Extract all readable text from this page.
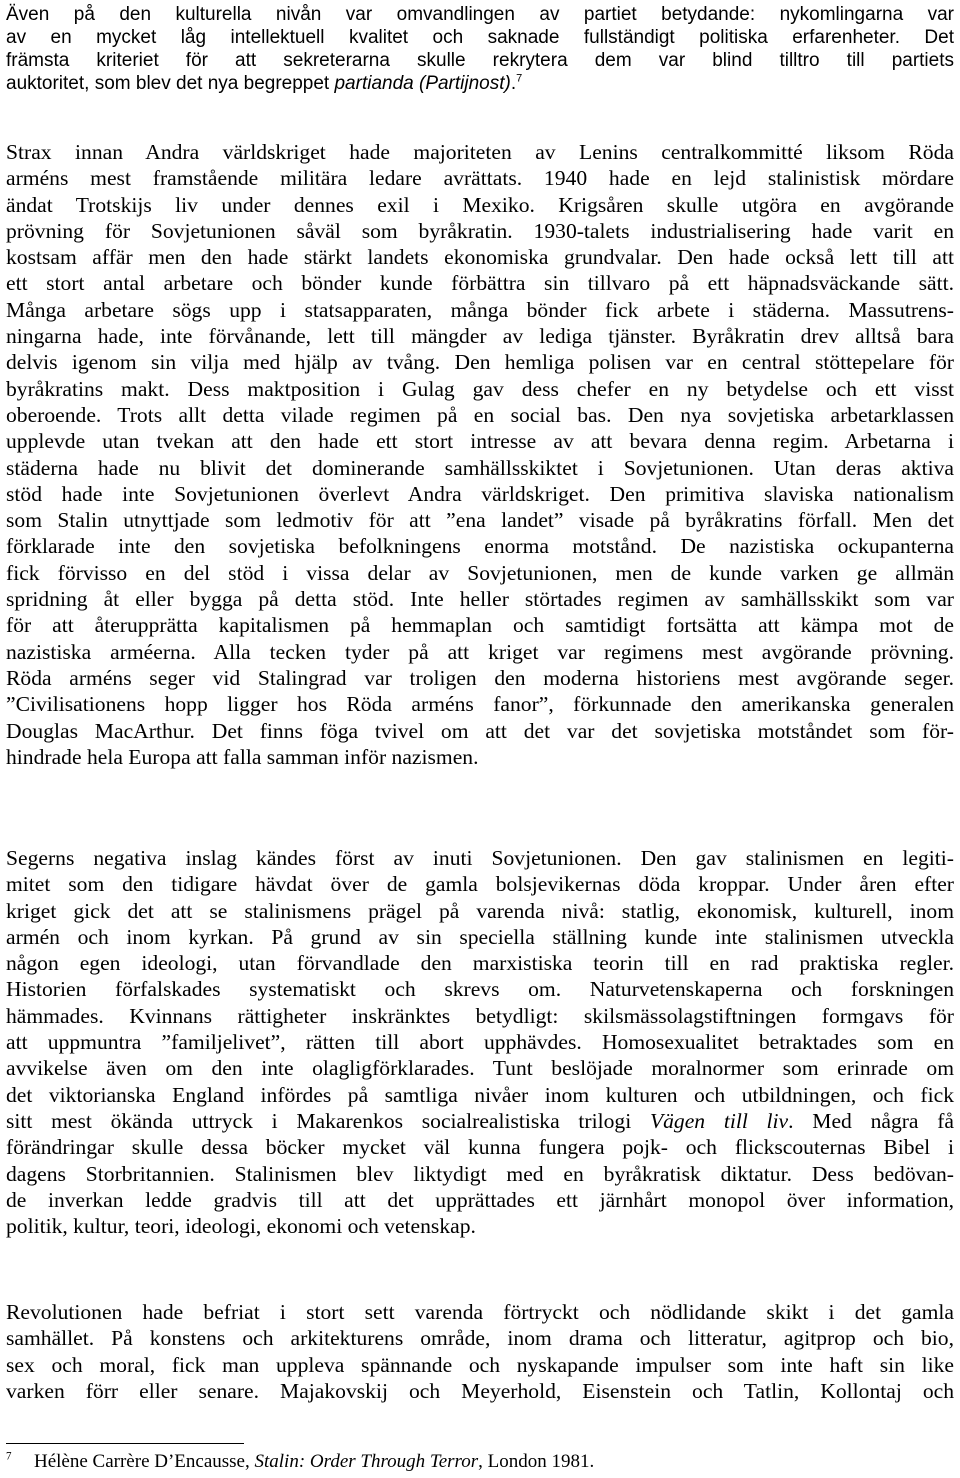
Även på den kulturella nivån var omvandlingen av partiet betydande: nykomlingarna var
av en mycket låg intellektuell kvalitet och saknade fullständigt politiska erfarenheter. Det
främsta kriteriet för att sekreterarna skulle rekrytera dem var blind tilltro till partiets
auktoritet, som blev det nya begreppet partianda (Partijnost).$^7$
Strax innan Andra världskriget hade majoriteten av Lenins centralkommitté liksom Röda
arméns mest framstående militära ledare avrättats. 1940 hade en lejd stalinistisk mördare
ändat Trotskijs liv under dennes exil i Mexiko. Krigsåren skulle utgöra en avgörande
prövning för Sovjetunionen såväl som byråkratin. 1930-talets industrialisering hade varit en
kostsam affär men den hade stärkt landets ekonomiska grundvalar. Den hade också lett till att
ett stort antal arbetare och bönder kunde förbättra sin tillvaro på ett häpnadsväckande sätt.
Många arbetare sögs upp i statsapparaten, många bönder fick arbete i städerna. Massutrens-
ningarna hade, inte förvånande, lett till mängder av lediga tjänster. Byråkratin drev alltså bara
delvis igenom sin vilja med hjälp av tvång. Den hemliga polisen var en central stöttepelare för
byråkratins makt. Dess maktposition i Gulag gav dess chefer en ny betydelse och ett visst
oberoende. Trots allt detta vilade regimen på en social bas. Den nya sovjetiska arbetarklassen
upplevde utan tvekan att den hade ett stort intresse av att bevara denna regim. Arbetarna i
städerna hade nu blivit det dominerande samhällsskiktet i Sovjetunionen. Utan deras aktiva
stöd hade inte Sovjetunionen överlevt Andra världskriget. Den primitiva slaviska nationalism
som Stalin utnyttjade som ledmotiv för att ”ena landet” visade på byråkratins förfall. Men det
förklarade inte den sovjetiska befolkningens enorma motstånd. De nazistiska ockupanterna
fick förvisso en del stöd i vissa delar av Sovjetunionen, men de kunde varken ge allmän
spridning åt eller bygga på detta stöd. Inte heller störtades regimen av samhällsskikt som var
för att återupprätta kapitalismen på hemmaplan och samtidigt fortsätta att kämpa mot de
nazistiska arméerna. Alla tecken tyder på att kriget var regimens mest avgörande prövning.
Röda arméns seger vid Stalingrad var troligen den moderna historiens mest avgörande seger.
”Civilisationens hopp ligger hos Röda arméns fanor”, förkunnade den amerikanska generalen
Douglas MacArthur. Det finns föga tvivel om att det var det sovjetiska motståndet som för-
hindrade hela Europa att falla samman inför nazismen.
Segerns negativa inslag kändes först av inuti Sovjetunionen. Den gav stalinismen en legiti-
mitet som den tidigare hävdat över de gamla bolsjevikernas döda kroppar. Under åren efter
kriget gick det att se stalinismens prägel på varenda nivå: statlig, ekonomisk, kulturell, inom
armén och inom kyrkan. På grund av sin speciella ställning kunde inte stalinismen utveckla
någon egen ideologi, utan förvandlade den marxistiska teorin till en rad praktiska regler.
Historien förfalskades systematiskt och skrevs om. Naturvetenskaperna och forskningen
hämmades. Kvinnans rättigheter inskränktes betydligt: skilsmässolagstiftningen formgavs för
att uppmuntra ”familjelivet”, rätten till abort upphävdes. Homosexualitet betraktades som en
avvikelse även om den inte olagligförklarades. Tunt beslöjade moralnormer som erinrade om
det viktorianska England infördes på samtliga nivåer inom kulturen och utbildningen, och fick
sitt mest ökända uttryck i Makarenkos socialrealistiska trilogi Vägen till liv. Med några få
förändringar skulle dessa böcker mycket väl kunna fungera pojk- och flickscouternas Bibel i
dagens Storbritannien. Stalinismen blev liktydigt med en byråkratisk diktatur. Dess bedövan-
de inverkan ledde gradvis till att det upprättades ett järnhårt monopol över information,
politik, kultur, teori, ideologi, ekonomi och vetenskap.
Revolutionen hade befriat i stort sett varenda förtryckt och nödlidande skikt i det gamla
samhället. På konstens och arkitekturens område, inom drama och litteratur, agitprop och bio,
sex och moral, fick man uppleva spännande och nyskapande impulser som inte haft sin like
varken förr eller senare. Majakovskij och Meyerhold, Eisenstein och Tatlin, Kollontaj och
$^7$ Hélène Carrère D’Encausse, Stalin: Order Through Terror, London 1981.
